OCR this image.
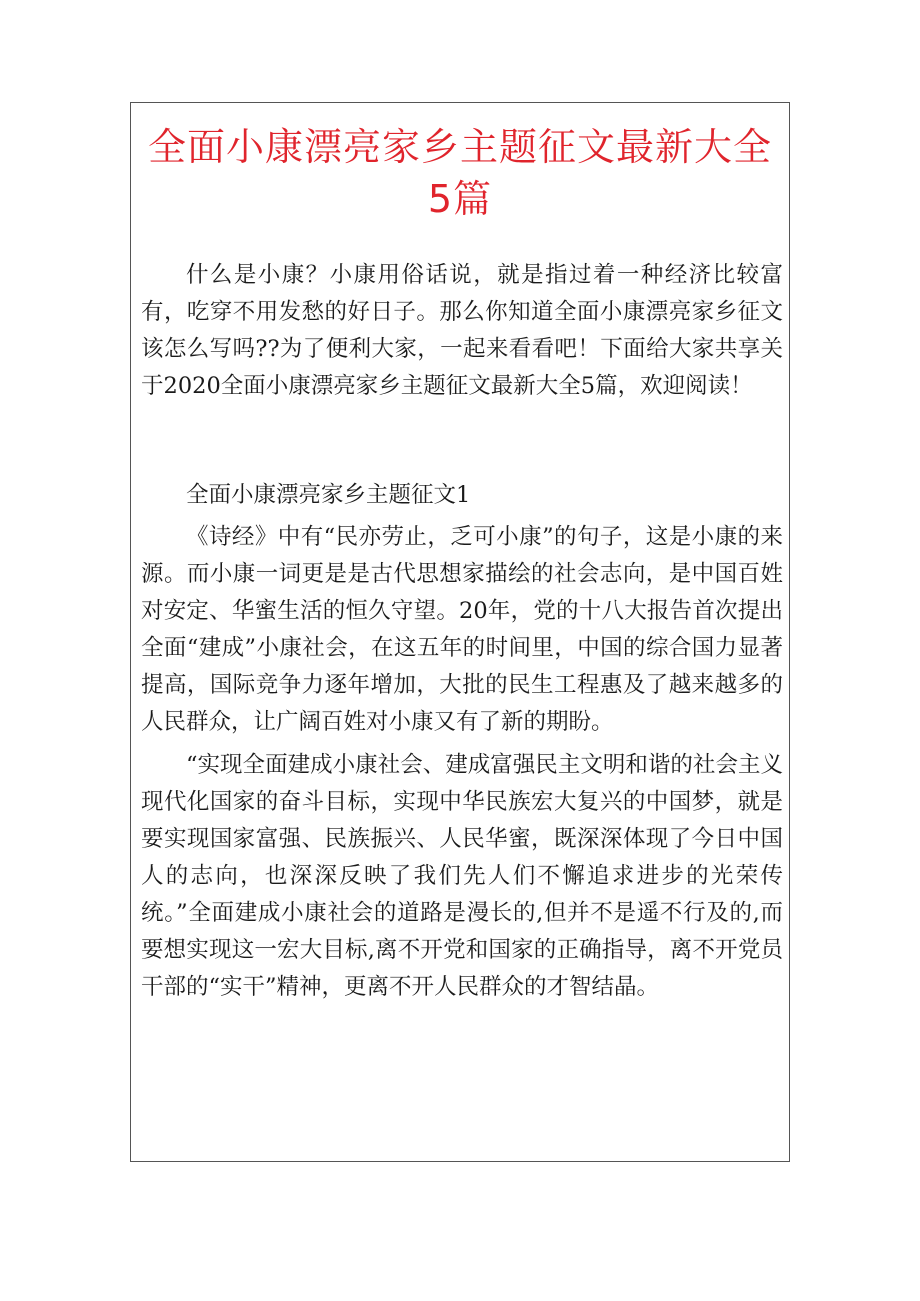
全面小康漂亮家乡主题征文最新大全5篇

什么是小康？小康用俗话说，就是指过着一种经济比较富有，吃穿不用发愁的好日子。那么你知道全面小康漂亮家乡征文该怎么写吗??为了便利大家，一起来看看吧！下面给大家共享关于2020全面小康漂亮家乡主题征文最新大全5篇，欢迎阅读！

全面小康漂亮家乡主题征文1

《诗经》中有“民亦劳止，乏可小康”的句子，这是小康的来源。而小康一词更是是古代思想家描绘的社会志向，是中国百姓对安定、华蜜生活的恒久守望。20年，党的十八大报告首次提出全面“建成”小康社会，在这五年的时间里，中国的综合国力显著提高，国际竞争力逐年增加，大批的民生工程惠及了越来越多的人民群众，让广阔百姓对小康又有了新的期盼。

“实现全面建成小康社会、建成富强民主文明和谐的社会主义现代化国家的奋斗目标，实现中华民族宏大复兴的中国梦，就是要实现国家富强、民族振兴、人民华蜜，既深深体现了今日中国人的志向，也深深反映了我们先人们不懈追求进步的光荣传统。”全面建成小康社会的道路是漫长的,但并不是遥不行及的,而要想实现这一宏大目标,离不开党和国家的正确指导，离不开党员干部的“实干”精神，更离不开人民群众的才智结晶。
